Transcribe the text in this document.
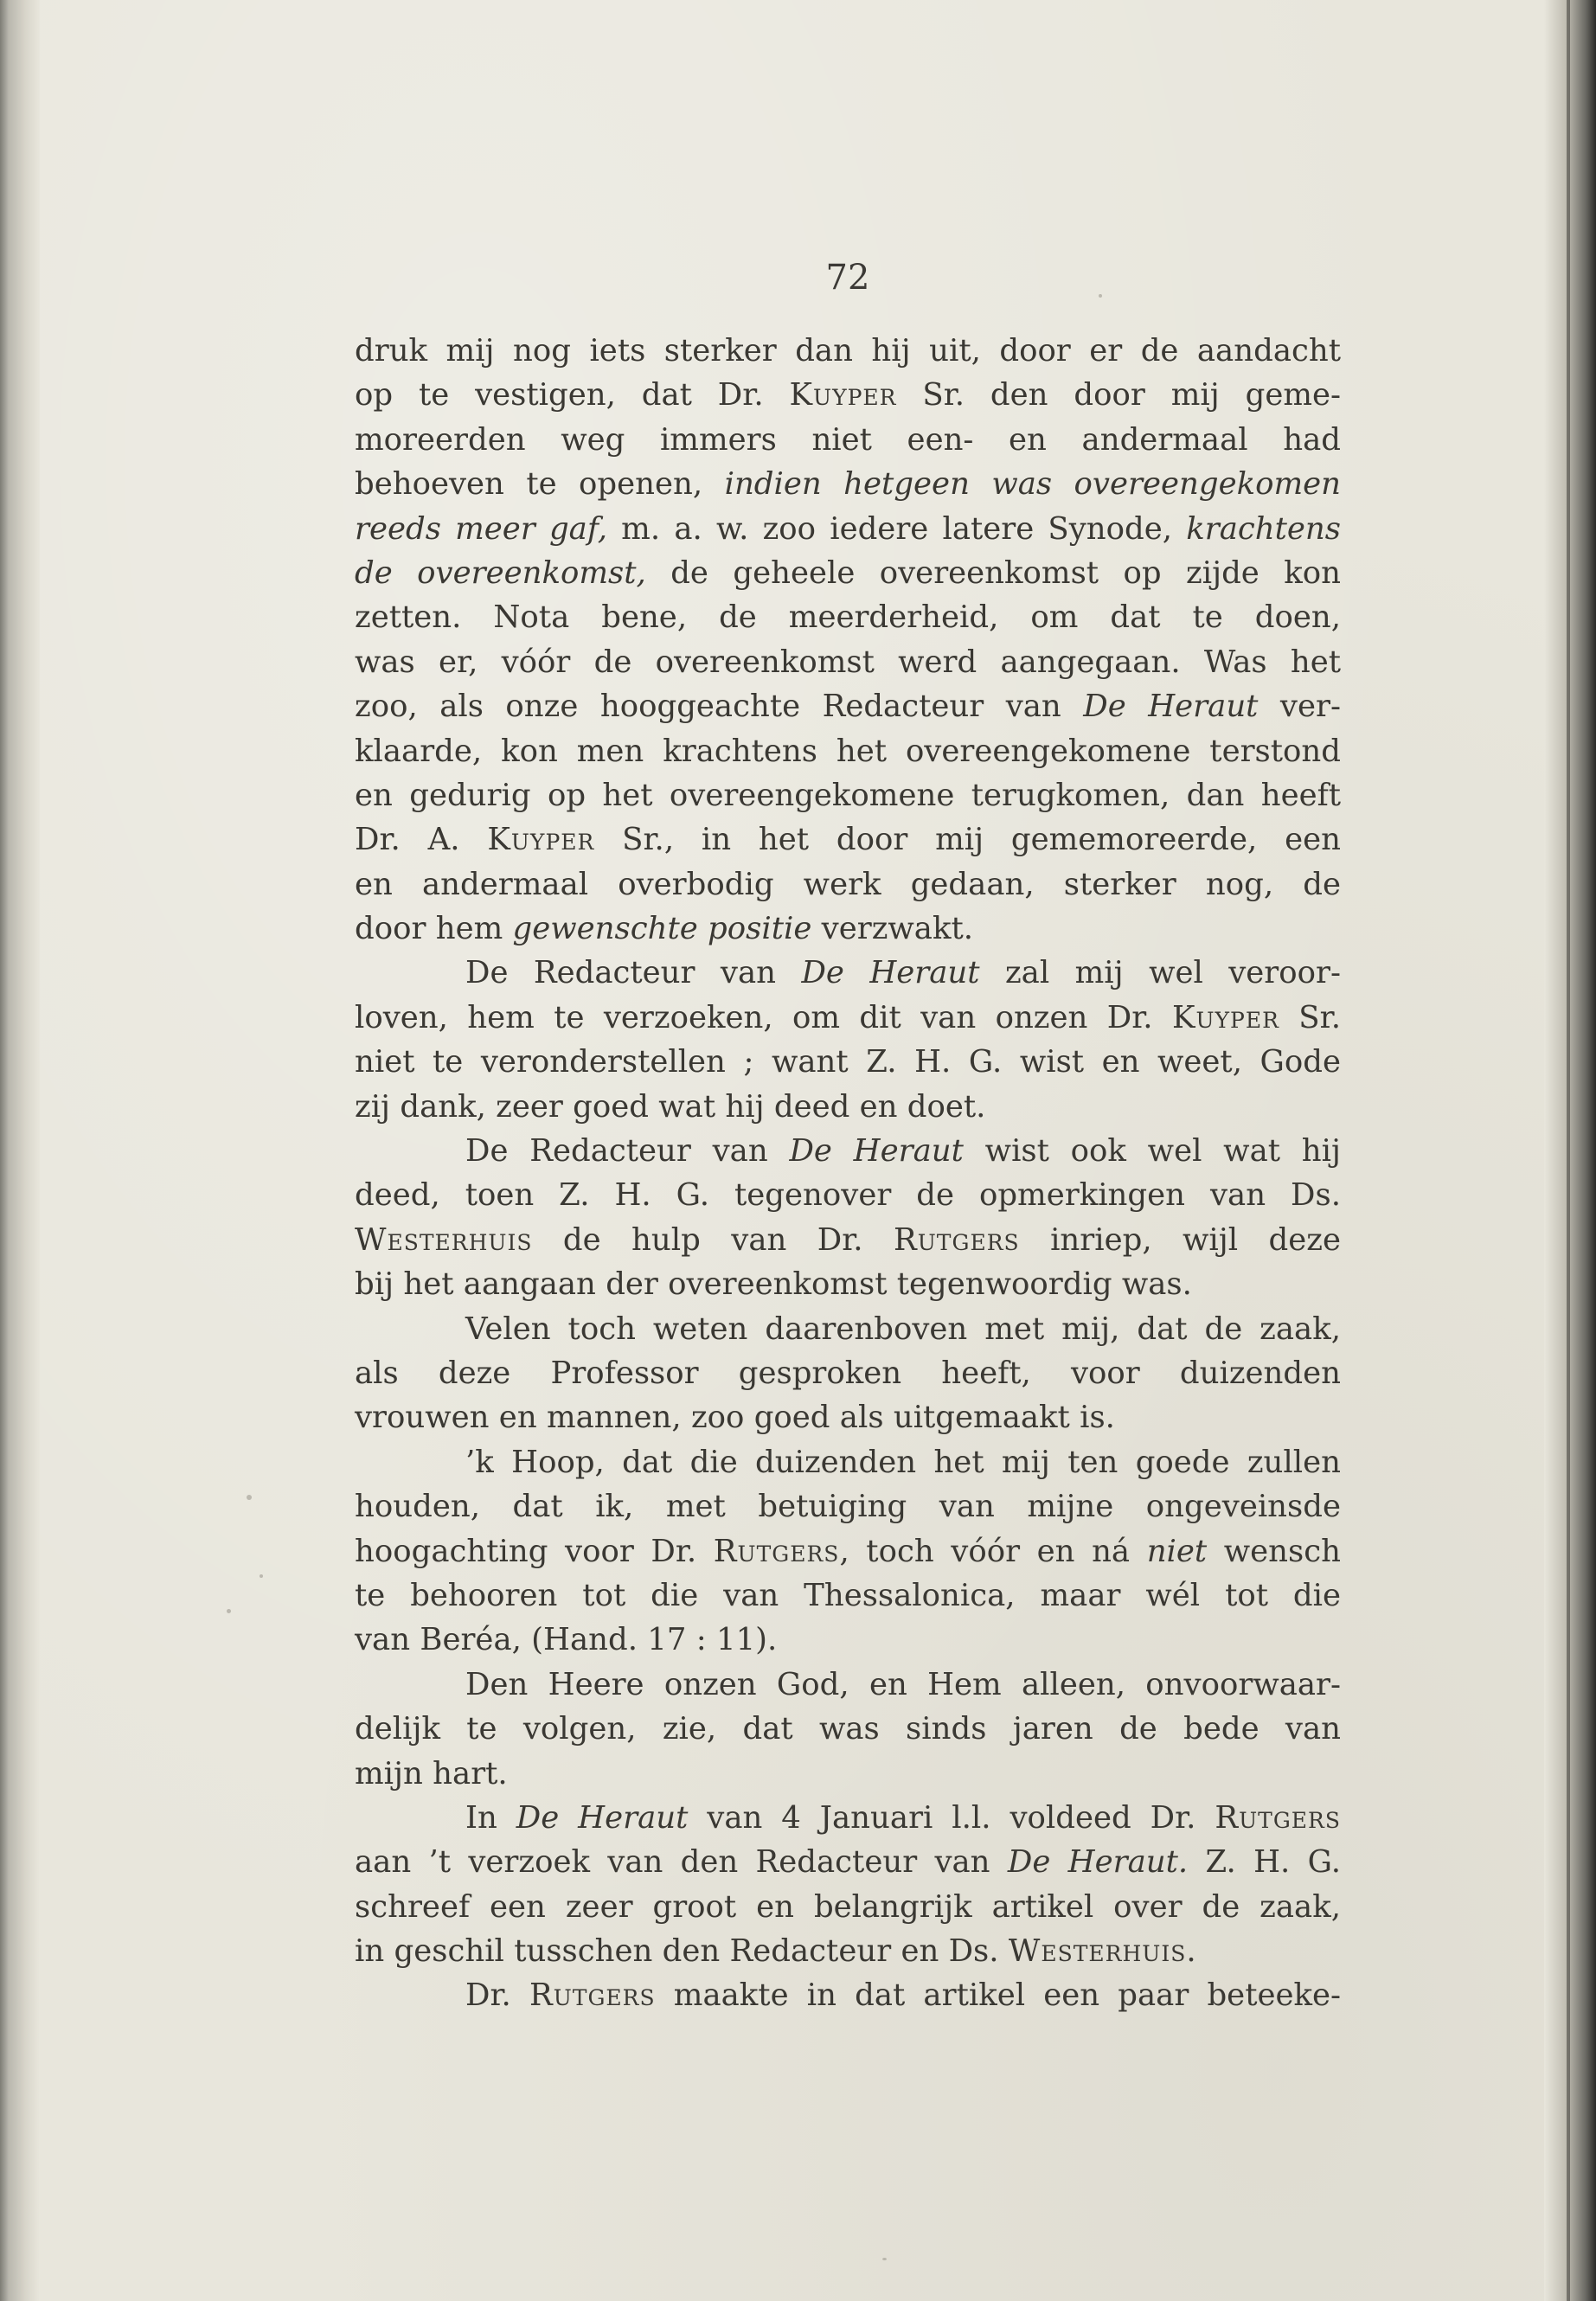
72
druk mij nog iets sterker dan hij uit, door er de aandacht
op te vestigen, dat Dr. Kuyper Sr. den door mij geme-
moreerden weg immers niet een- en andermaal had
behoeven te openen, indien hetgeen was overeengekomen
reeds meer gaf, m. a. w. zoo iedere latere Synode, krachtens
de overeenkomst, de geheele overeenkomst op zijde kon
zetten. Nota bene, de meerderheid, om dat te doen,
was er, vóór de overeenkomst werd aangegaan. Was het
zoo, als onze hooggeachte Redacteur van De Heraut ver-
klaarde, kon men krachtens het overeengekomene terstond
en gedurig op het overeengekomene terugkomen, dan heeft
Dr. A. Kuyper Sr., in het door mij gememoreerde, een
en andermaal overbodig werk gedaan, sterker nog, de
door hem gewenschte positie verzwakt.
De Redacteur van De Heraut zal mij wel veroor-
loven, hem te verzoeken, om dit van onzen Dr. Kuyper Sr.
niet te veronderstellen ; want Z. H. G. wist en weet, Gode
zij dank, zeer goed wat hij deed en doet.
De Redacteur van De Heraut wist ook wel wat hij
deed, toen Z. H. G. tegenover de opmerkingen van Ds.
Westerhuis de hulp van Dr. Rutgers inriep, wijl deze
bij het aangaan der overeenkomst tegenwoordig was.
Velen toch weten daarenboven met mij, dat de zaak,
als deze Professor gesproken heeft, voor duizenden
vrouwen en mannen, zoo goed als uitgemaakt is.
’k Hoop, dat die duizenden het mij ten goede zullen
houden, dat ik, met betuiging van mijne ongeveinsde
hoogachting voor Dr. Rutgers, toch vóór en ná niet wensch
te behooren tot die van Thessalonica, maar wél tot die
van Beréa, (Hand. 17 : 11).
Den Heere onzen God, en Hem alleen, onvoorwaar-
delijk te volgen, zie, dat was sinds jaren de bede van
mijn hart.
In De Heraut van 4 Januari l.l. voldeed Dr. Rutgers
aan ’t verzoek van den Redacteur van De Heraut. Z. H. G.
schreef een zeer groot en belangrijk artikel over de zaak,
in geschil tusschen den Redacteur en Ds. Westerhuis.
Dr. Rutgers maakte in dat artikel een paar beteeke-
